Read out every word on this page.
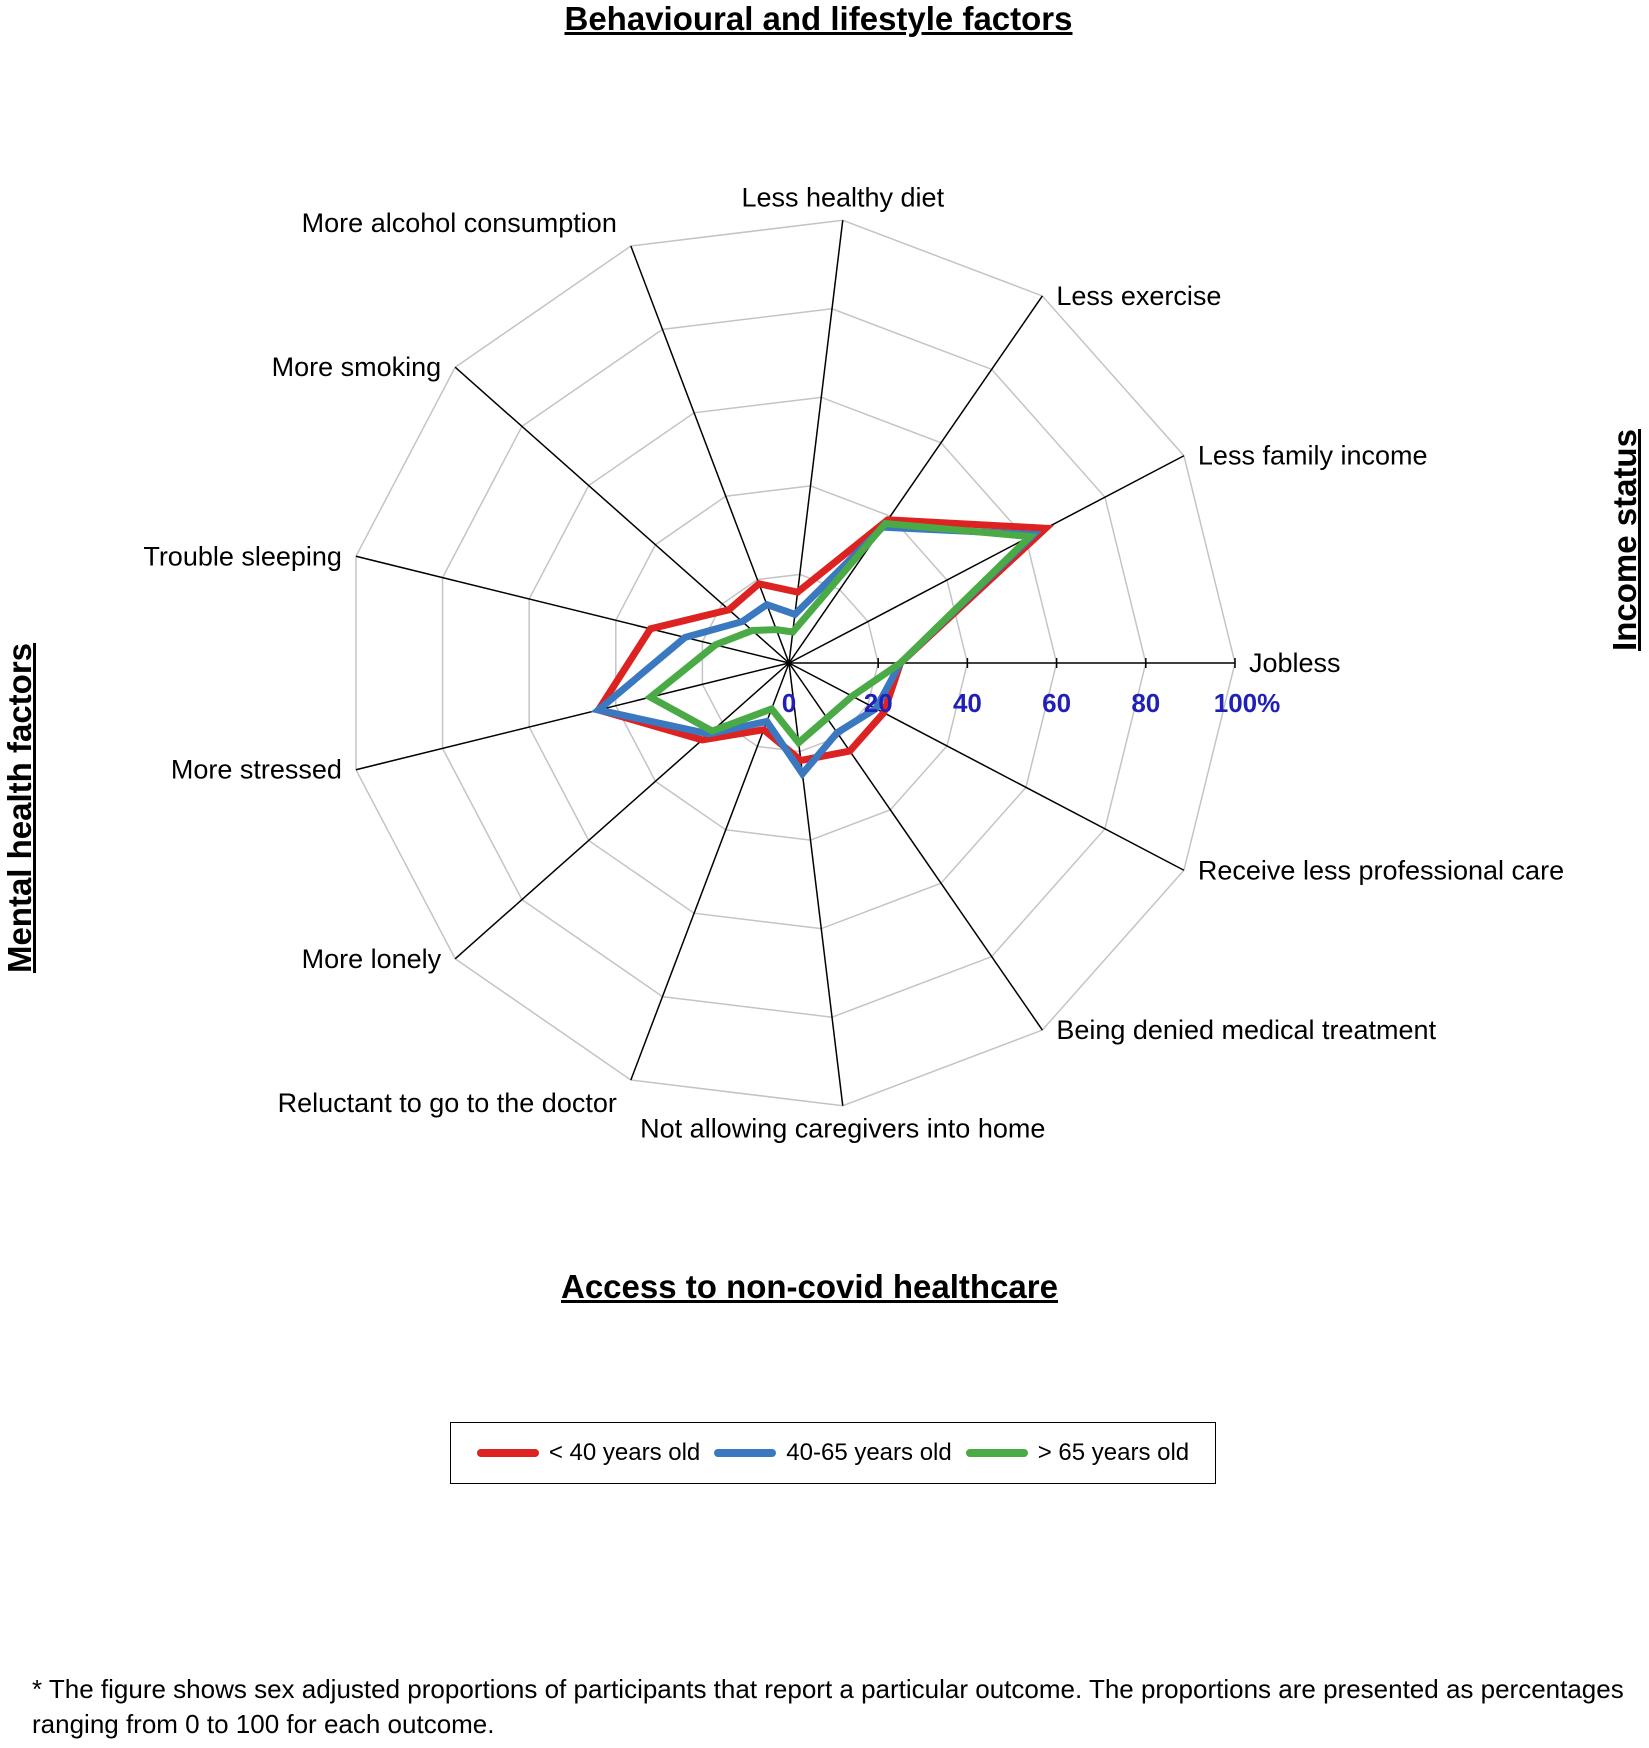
Behavioural and lifestyle factors
Income status
Access to non-covid healthcare
Mental health factors	0	20 40 60 80 100%
Jobless
Less family income
Less exercise
Less healthy diet
More alcohol consumption
More smoking
Trouble sleeping
More stressed
More lonely
Reluctant to go to the doctor
Not allowing caregivers into home
Being denied medical treatment
Receive less professional care
< 40 years old	40-65 years old	> 65 years old
* The figure shows sex adjusted proportions of participants that report a particular outcome. The proportions are presented as percentages ranging from 0 to 100 for each outcome.
